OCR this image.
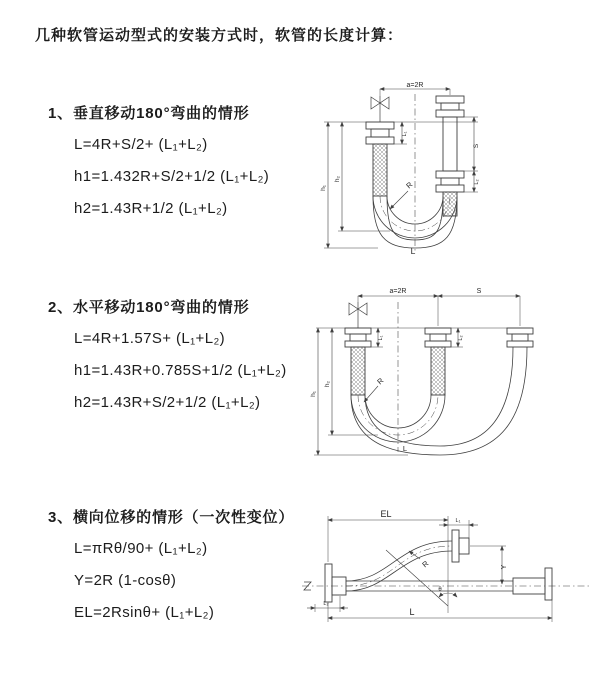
几种软管运动型式的安装方式时，软管的长度计算：
1、垂直移动180°弯曲的情形
L=4R+S/2+ (L₁+L₂)
h1=1.432R+S/2+1/2 (L₁+L₂)
h2=1.43R+1/2 (L₁+L₂)
2、水平移动180°弯曲的情形
L=4R+1.57S+ (L₁+L₂)
h1=1.43R+0.785S+1/2 (L₁+L₂)
h2=1.43R+S/2+1/2 (L₁+L₂)
3、横向位移的情形（一次性变位）
L=πRθ/90+ (L₁+L₂)
Y=2R (1-cosθ)
EL=2Rsinθ+ (L₁+L₂)
a=2R
h₁
h₂
L₁
S
L₂
R
L
a=2R	S
h₁
h₂
L₁	L₂
R
L
EL
L₁
Y
R
θ
L
L₂
